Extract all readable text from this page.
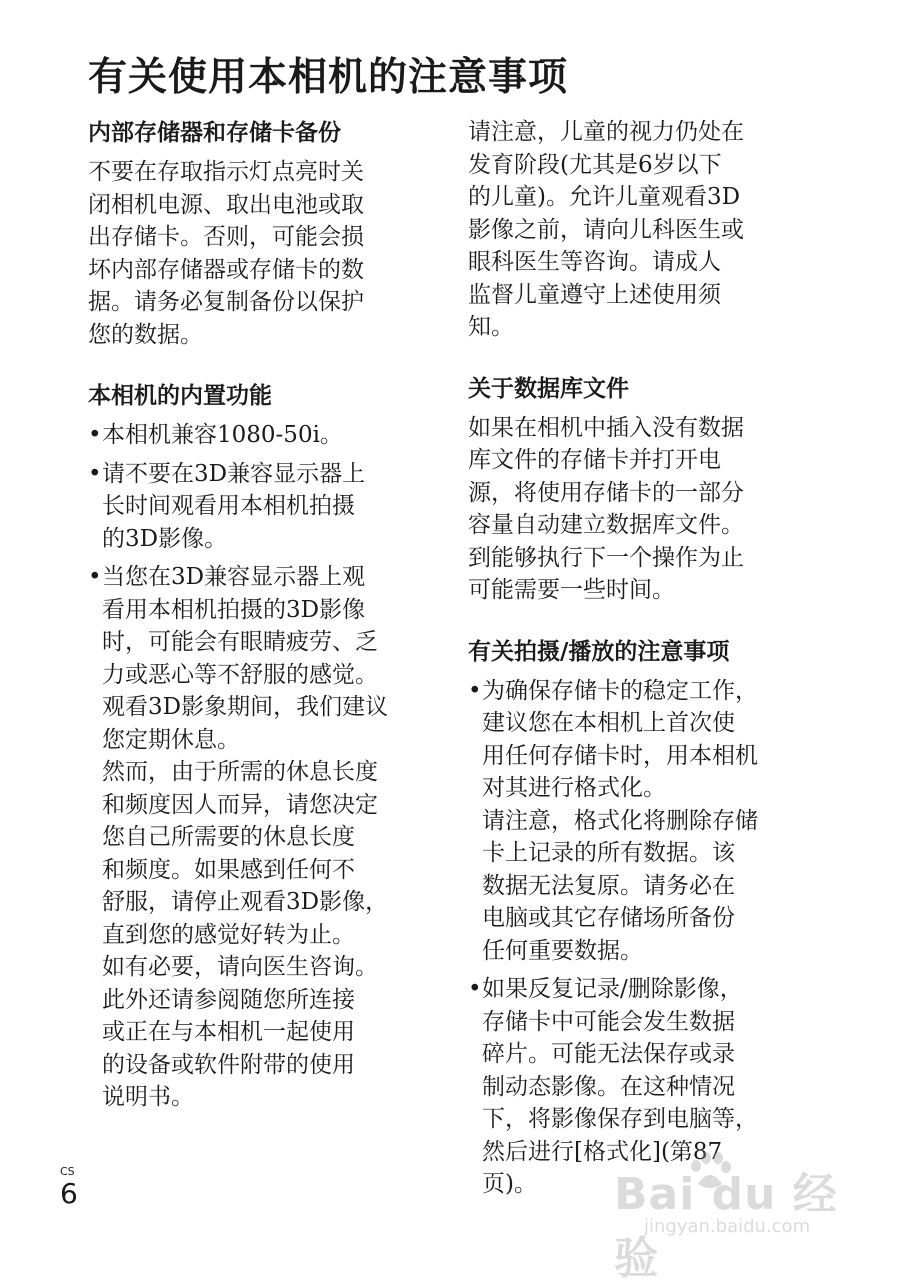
有关使用本相机的注意事项
内部存储器和存储卡备份

不要在存取指示灯点亮时关
闭相机电源、取出电池或取
出存储卡。否则，可能会损
坏内部存储器或存储卡的数
据。请务必复制备份以保护
您的数据。

本相机的内置功能
• 本相机兼容1080-50i。
• 请不要在3D兼容显示器上
长时间观看用本相机拍摄
的3D影像。
• 当您在3D兼容显示器上观
看用本相机拍摄的3D影像
时，可能会有眼睛疲劳、乏
力或恶心等不舒服的感觉。
观看3D影象期间，我们建议
您定期休息。
然而，由于所需的休息长度
和频度因人而异，请您决定
您自己所需要的休息长度
和频度。如果感到任何不
舒服，请停止观看3D影像，
直到您的感觉好转为止。
如有必要，请向医生咨询。
此外还请参阅随您所连接
或正在与本相机一起使用
的设备或软件附带的使用
说明书。

请注意，儿童的视力仍处在
发育阶段(尤其是6岁以下
的儿童)。允许儿童观看3D
影像之前，请向儿科医生或
眼科医生等咨询。请成人
监督儿童遵守上述使用须
知。

关于数据库文件

如果在相机中插入没有数据
库文件的存储卡并打开电
源，将使用存储卡的一部分
容量自动建立数据库文件。
到能够执行下一个操作为止
可能需要一些时间。

有关拍摄/播放的注意事项
• 为确保存储卡的稳定工作，
建议您在本相机上首次使
用任何存储卡时，用本相机
对其进行格式化。
请注意，格式化将删除存储
卡上记录的所有数据。该
数据无法复原。请务必在
电脑或其它存储场所备份
任何重要数据。
• 如果反复记录/删除影像，
存储卡中可能会发生数据
碎片。可能无法保存或录
制动态影像。在这种情况
下，将影像保存到电脑等，
然后进行[格式化](第87
页)。
CS
6	Bai du 经验
jingyan.baidu.com
